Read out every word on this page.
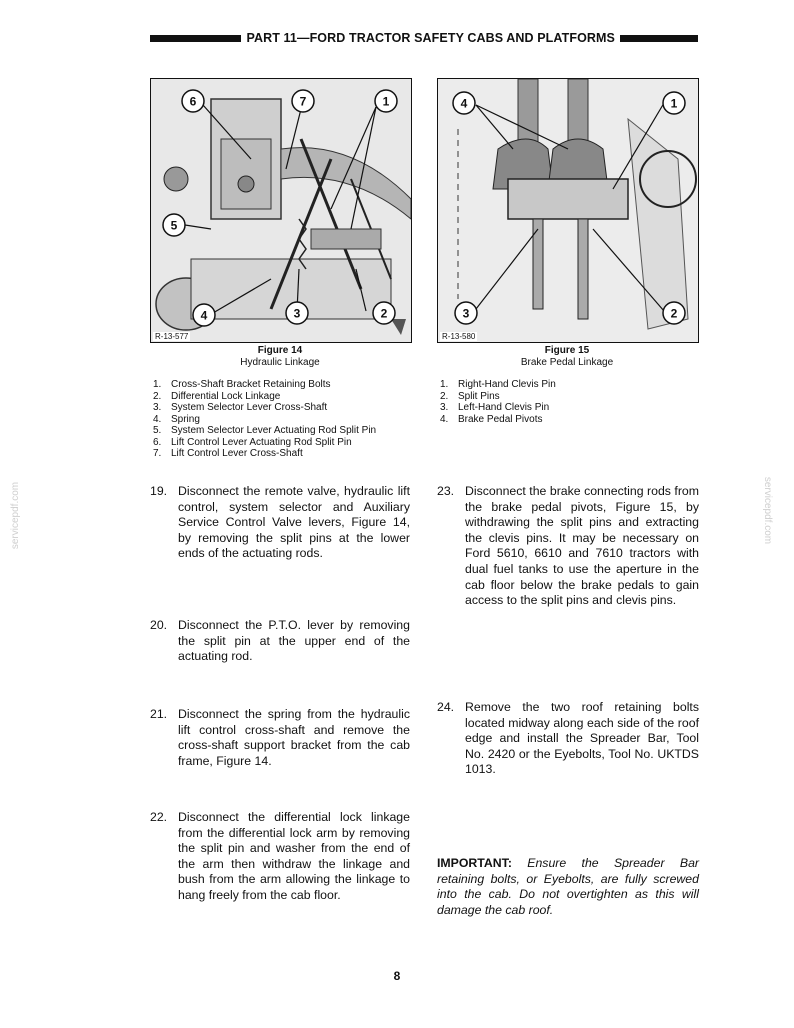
PART 11—FORD TRACTOR SAFETY CABS AND PLATFORMS
6	7	1
5
4	3	2
R-13-577
Figure 14
Hydraulic Linkage
1. Cross-Shaft Bracket Retaining Bolts
2. Differential Lock Linkage
3. System Selector Lever Cross-Shaft
4. Spring
5. System Selector Lever Actuating Rod Split Pin
6. Lift Control Lever Actuating Rod Split Pin
7. Lift Control Lever Cross-Shaft
4	1
3	2
R-13-580
Figure 15
Brake Pedal Linkage
1. Right-Hand Clevis Pin
2. Split Pins
3. Left-Hand Clevis Pin
4. Brake Pedal Pivots
19. Disconnect the remote valve, hydraulic lift control, system selector and Auxiliary Service Control Valve levers, Figure 14, by removing the split pins at the lower ends of the actuating rods.
20. Disconnect the P.T.O. lever by removing the split pin at the upper end of the actuating rod.
21. Disconnect the spring from the hydraulic lift control cross-shaft and remove the cross-shaft support bracket from the cab frame, Figure 14.
22. Disconnect the differential lock linkage from the differential lock arm by removing the split pin and washer from the end of the arm then withdraw the linkage and bush from the arm allowing the linkage to hang freely from the cab floor.
23. Disconnect the brake connecting rods from the brake pedal pivots, Figure 15, by withdrawing the split pins and extracting the clevis pins. It may be necessary on Ford 5610, 6610 and 7610 tractors with dual fuel tanks to use the aperture in the cab floor below the brake pedals to gain access to the split pins and clevis pins.
24. Remove the two roof retaining bolts located midway along each side of the roof edge and install the Spreader Bar, Tool No. 2420 or the Eyebolts, Tool No. UKTDS 1013.
IMPORTANT: Ensure the Spreader Bar retaining bolts, or Eyebolts, are fully screwed into the cab. Do not overtighten as this will damage the cab roof.
servicepdf.com	servicepdf.com
8
